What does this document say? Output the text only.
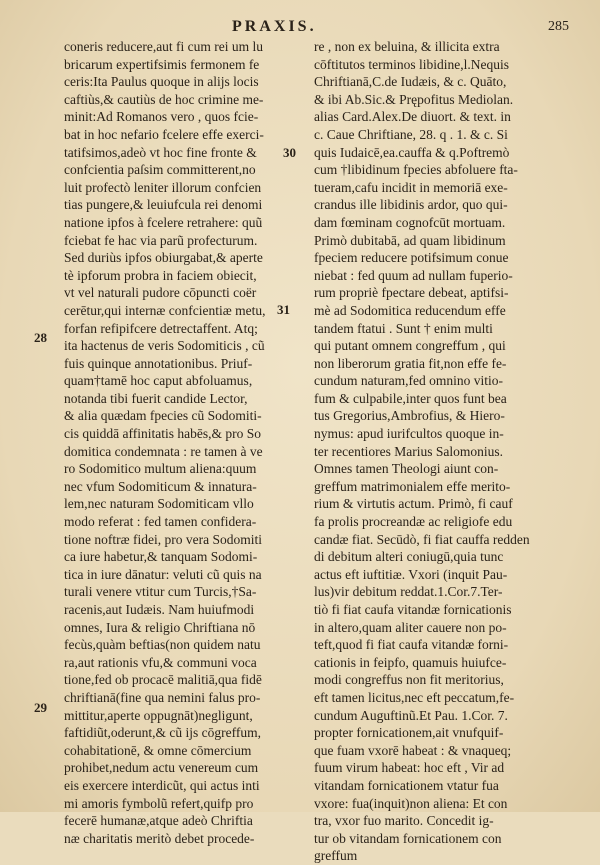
PRAXIS.	285
coneris reducere,aut fi cum rei um lu
bricarum expertifsimis fermonem fe
ceris:Ita Paulus quoque in alijs locis
caftiùs,& cautiùs de hoc crimine me-
minit:Ad Romanos vero , quos fcie-
bat in hoc nefario fcelere effe exerci-
tatifsimos,adeò vt hoc fine fronte &
confcientia paſsim committerent,no
luit profectò leniter illorum confcien
tias pungere,& leuiufcula rei denomi
natione ipfos à fcelere retrahere: quũ
fciebat fe hac via parũ profecturum.
Sed duriùs ipfos obiurgabat,& aperte
tè ipforum probra in faciem obiecit,
vt vel naturali pudore cōpuncti coër
cerētur,qui internæ confcientiæ metu,
forfan refipifcere detrectaffent. Atq;
ita hactenus de veris Sodomiticis , cũ
fuis quinque annotationibus. Priuf-
quam†tamē hoc caput abfoluamus,
notanda tibi fuerit candide Lector,
& alia quædam fpecies cũ Sodomiti-
cis quiddā affinitatis habēs,& pro So
domitica condemnata : re tamen à ve
ro Sodomitico multum aliena:quum
nec vfum Sodomiticum & innatura-
lem,nec naturam Sodomiticam vllo
modo referat : fed tamen confidera-
tione noftræ fidei, pro vera Sodomiti
ca iure habetur,& tanquam Sodomi-
tica in iure dānatur: veluti cũ quis na
turali venere vtitur cum Turcis,†Sa-
racenis,aut Iudæis. Nam huiufmodi
omnes, Iura & religio Chriftiana nō
fecùs,quàm beftias(non quidem natu
ra,aut rationis vfu,& communi voca
tione,fed ob procacē malitiā,qua fidē
chriftianā(fine qua nemini falus pro-
mittitur,aperte oppugnāt)negligunt,
faftidiũt,oderunt,& cũ ijs cōgreffum,
cohabitationē, & omne cōmercium
prohibet,nedum actu venereum cum
eis exercere interdicũt, qui actus inti
mi amoris fymbolũ refert,quifp pro
fecerē humanæ,atque adeò Chriftia
næ charitatis meritò debet procede-
re , non ex beluina, & illicita extra
cōftitutos terminos libidine,l.Nequis
Chriftianā,C.de Iudæis, & c. Quāto,
& ibi Ab.Sic.& Prępofitus Mediolan.
alias Card.Alex.De diuort. & text. in
c. Caue Chriftiane, 28. q . 1. & c. Si
quis Iudaicē,ea.cauffa & q.Poftremò
cum †libidinum fpecies abfoluere fta-
tueram,cafu incidit in memoriā exe-
crandus ille libidinis ardor, quo qui-
dam fœminam cognofcūt mortuam.
Primò dubitabā, ad quam libidinum
fpeciem reducere potifsimum conue
niebat : fed quum ad nullam fuperio-
rum propriè fpectare debeat, aptifsi-
mè ad Sodomitica reducendum effe
tandem ftatui . Sunt † enim multi
qui putant omnem congreffum , qui
non liberorum gratia fit,non effe fe-
cundum naturam,fed omnino vitio-
fum & culpabile,inter quos funt bea
tus Gregorius,Ambrofius, & Hiero-
nymus: apud iurifcultos quoque in-
ter recentiores Marius Salomonius.
Omnes tamen Theologi aiunt con-
greffum matrimonialem effe merito-
rium & virtutis actum. Primò, fi cauf
fa prolis procreandæ ac religiofe edu
candæ fiat. Secūdò, fi fiat cauffa redden
di debitum alteri coniugū,quia tunc
actus eft iuftitiæ. Vxori (inquit Pau-
lus)vir debitum reddat.1.Cor.7.Ter-
tiò fi fiat caufa vitandæ fornicationis
in altero,quam aliter cauere non po-
teft,quod fi fiat caufa vitandæ forni-
cationis in feipfo, quamuis huiufce-
modi congreffus non fit meritorius,
eft tamen licitus,nec eft peccatum,fe-
cundum Auguftinũ.Et Pau. 1.Cor. 7.
propter fornicationem,ait vnufquif-
que fuam vxorē habeat : & vnaqueq;
fuum virum habeat: hoc eft , Vir ad
vitandam fornicationem vtatur fua
vxore: fua(inquit)non aliena: Et con
tra, vxor fuo marito. Concedit ig-
tur ob vitandam fornicationem con
greffum
30
31
28
29
